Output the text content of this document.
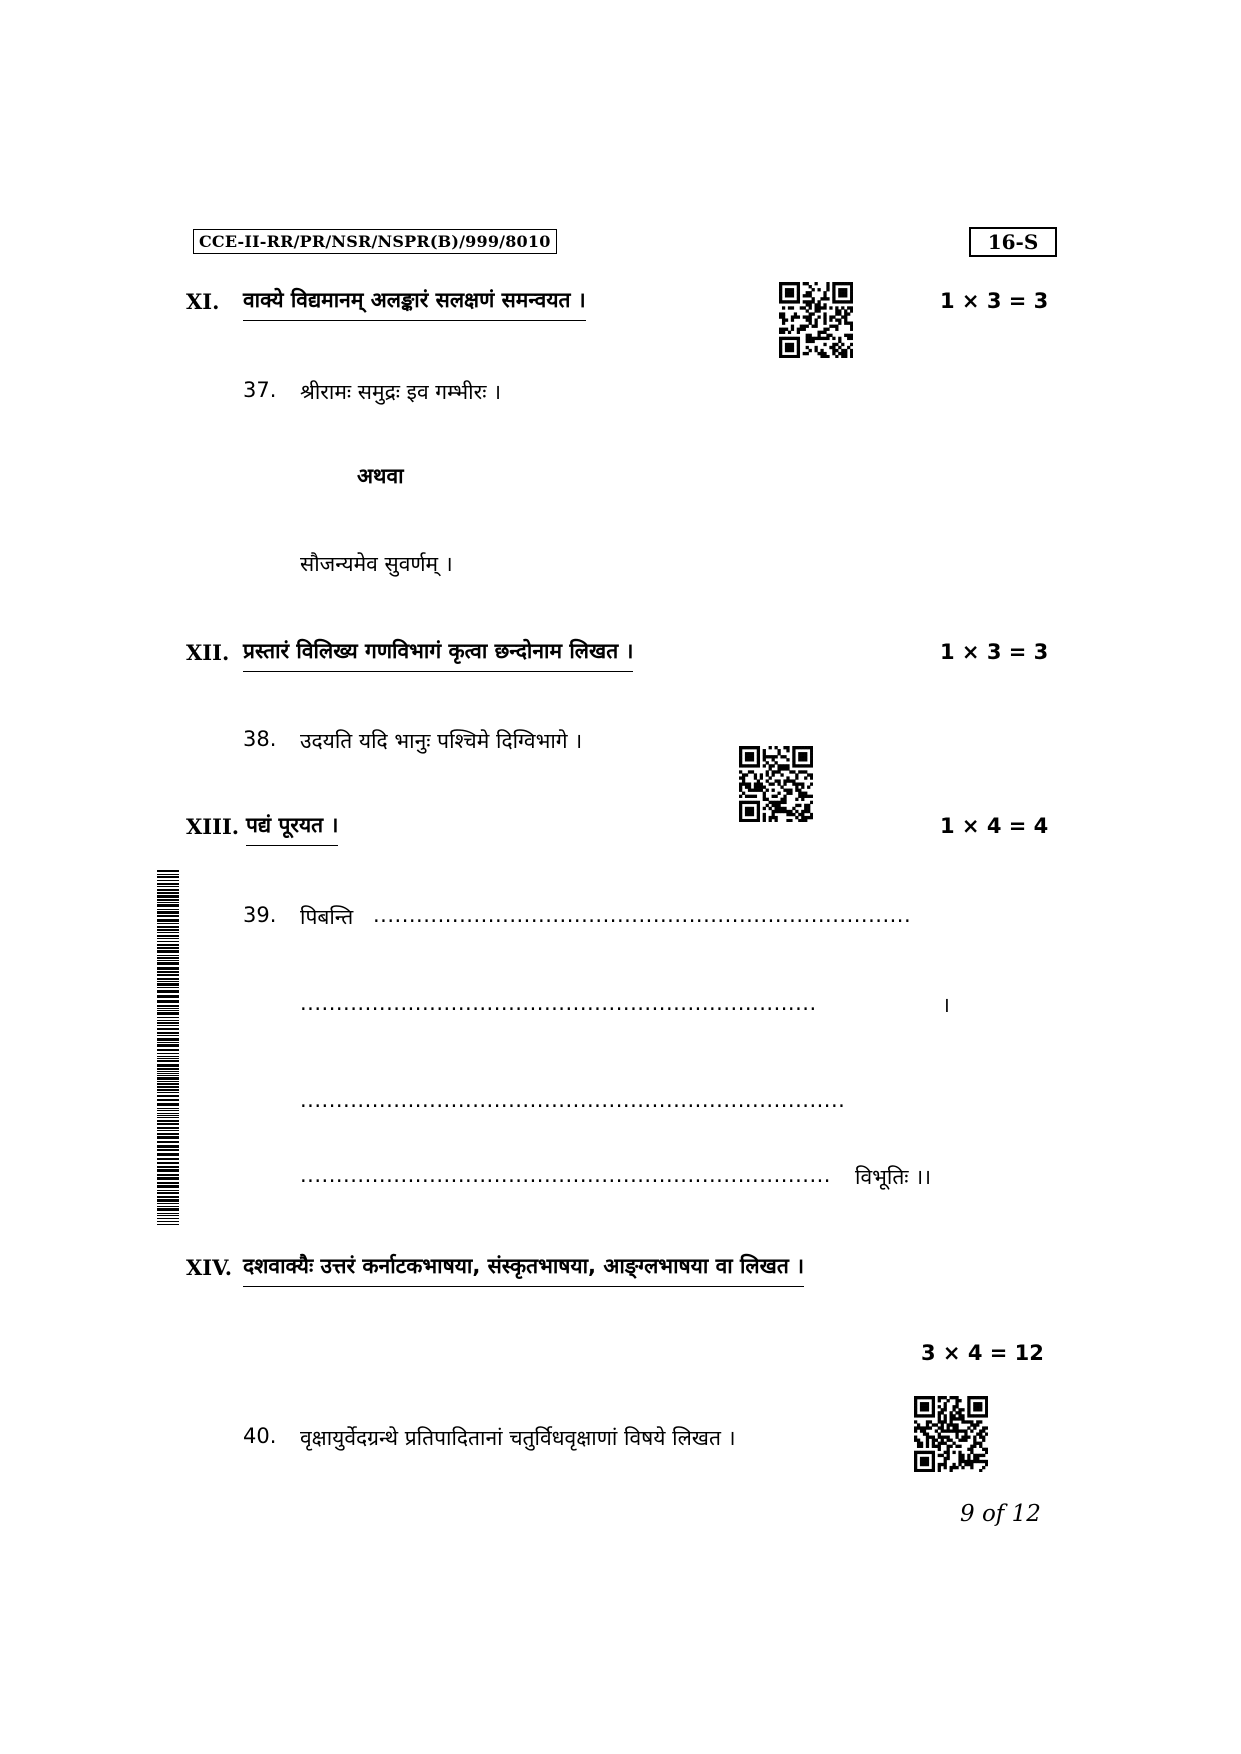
CCE-II-RR/PR/NSR/NSPR(B)/999/8010	16-S
XI. वाक्ये विद्यमानम् अलङ्कारं सलक्षणं समन्वयत ।	1 × 3 = 3
37. श्रीरामः समुद्रः इव गम्भीरः ।
अथवा
सौजन्यमेव सुवर्णम् ।
XII. प्रस्तारं विलिख्य गणविभागं कृत्वा छन्दोनाम लिखत ।	1 × 3 = 3
38. उदयति यदि भानुः पश्चिमे दिग्विभागे ।
XIII. पद्यं पूरयत ।	1 × 4 = 4
39. पिबन्ति ...........................................................................
........................................................................	।
............................................................................
.......................................................................... विभूतिः ।।
XIV. दशवाक्यैः उत्तरं कर्नाटकभाषया, संस्कृतभाषया, आङ्ग्लभाषया वा लिखत ।
3 × 4 = 12
40. वृक्षायुर्वेदग्रन्थे प्रतिपादितानां चतुर्विधवृक्षाणां विषये लिखत ।
9 of 12
